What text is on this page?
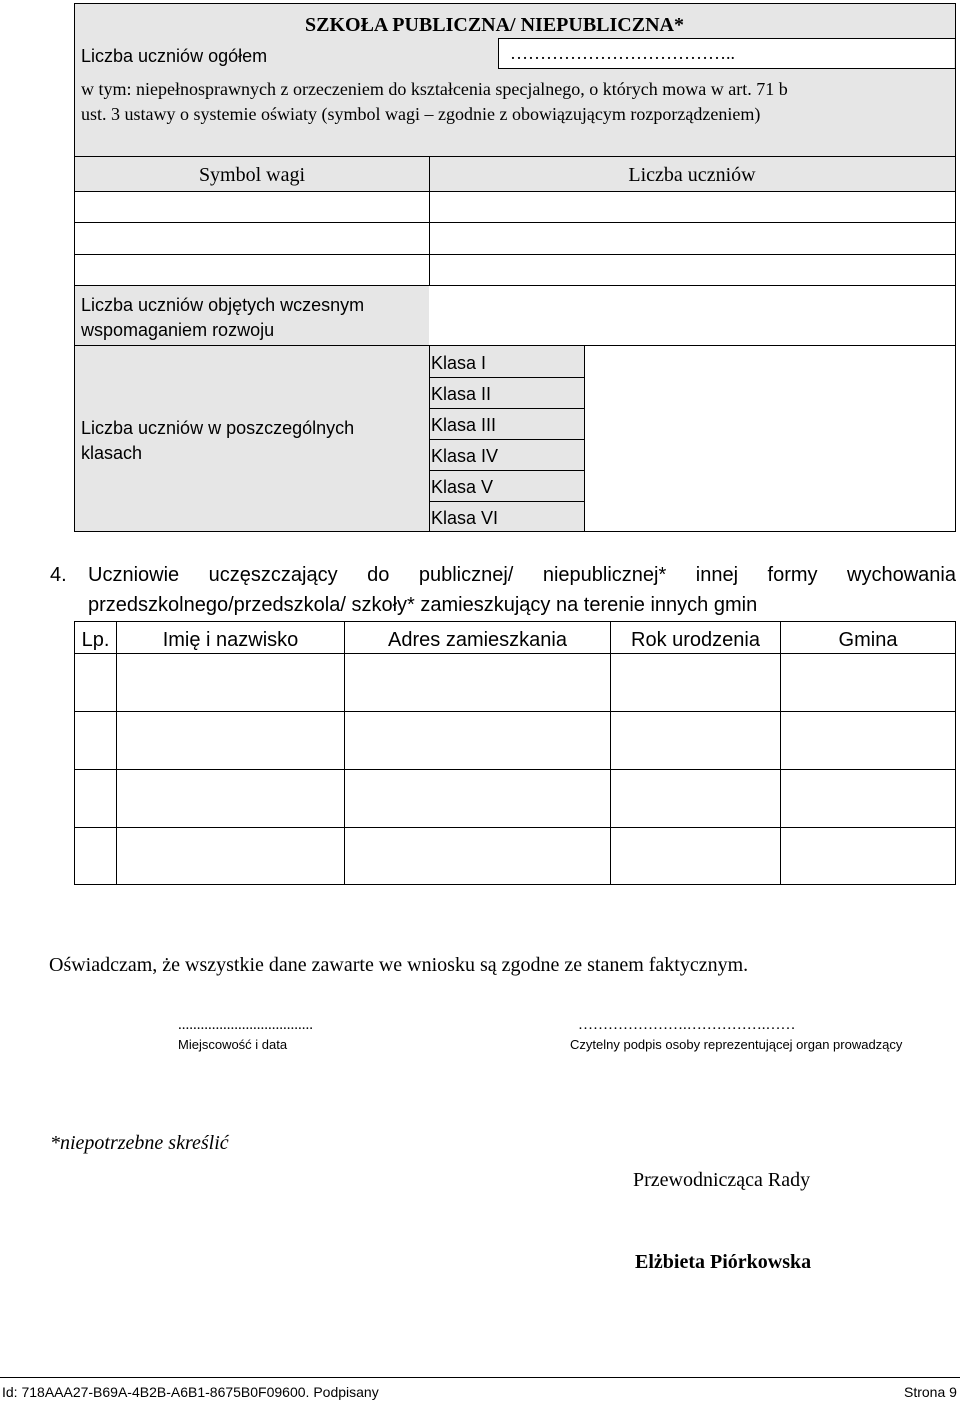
SZKOŁA PUBLICZNA/ NIEPUBLICZNA*
Liczba uczniów ogółem	………………………………..
w tym: niepełnosprawnych z orzeczeniem do kształcenia specjalnego, o których mowa w art. 71 b
ust. 3 ustawy o systemie oświaty (symbol wagi – zgodnie z obowiązującym rozporządzeniem)
Symbol wagi	Liczba uczniów
Liczba uczniów objętych wczesnym
wspomaganiem rozwoju
Liczba uczniów w poszczególnych
klasach
Klasa I
Klasa II
Klasa III
Klasa IV
Klasa V
Klasa VI
4. Uczniowie uczęszczający do publicznej/ niepublicznej* innej formy wychowania
przedszkolnego/przedszkola/ szkoły* zamieszkujący na terenie innych gmin
Lp.	Imię i nazwisko	Adres zamieszkania	Rok urodzenia	Gmina
Oświadczam, że wszystkie dane zawarte we wniosku są zgodne ze stanem faktycznym.
....................................
Miejscowość i data
………………….…………….……
Czytelny podpis osoby reprezentującej organ prowadzący
*niepotrzebne skreślić
Przewodnicząca Rady
Elżbieta Piórkowska
Id: 718AAA27-B69A-4B2B-A6B1-8675B0F09600. Podpisany	Strona 9
